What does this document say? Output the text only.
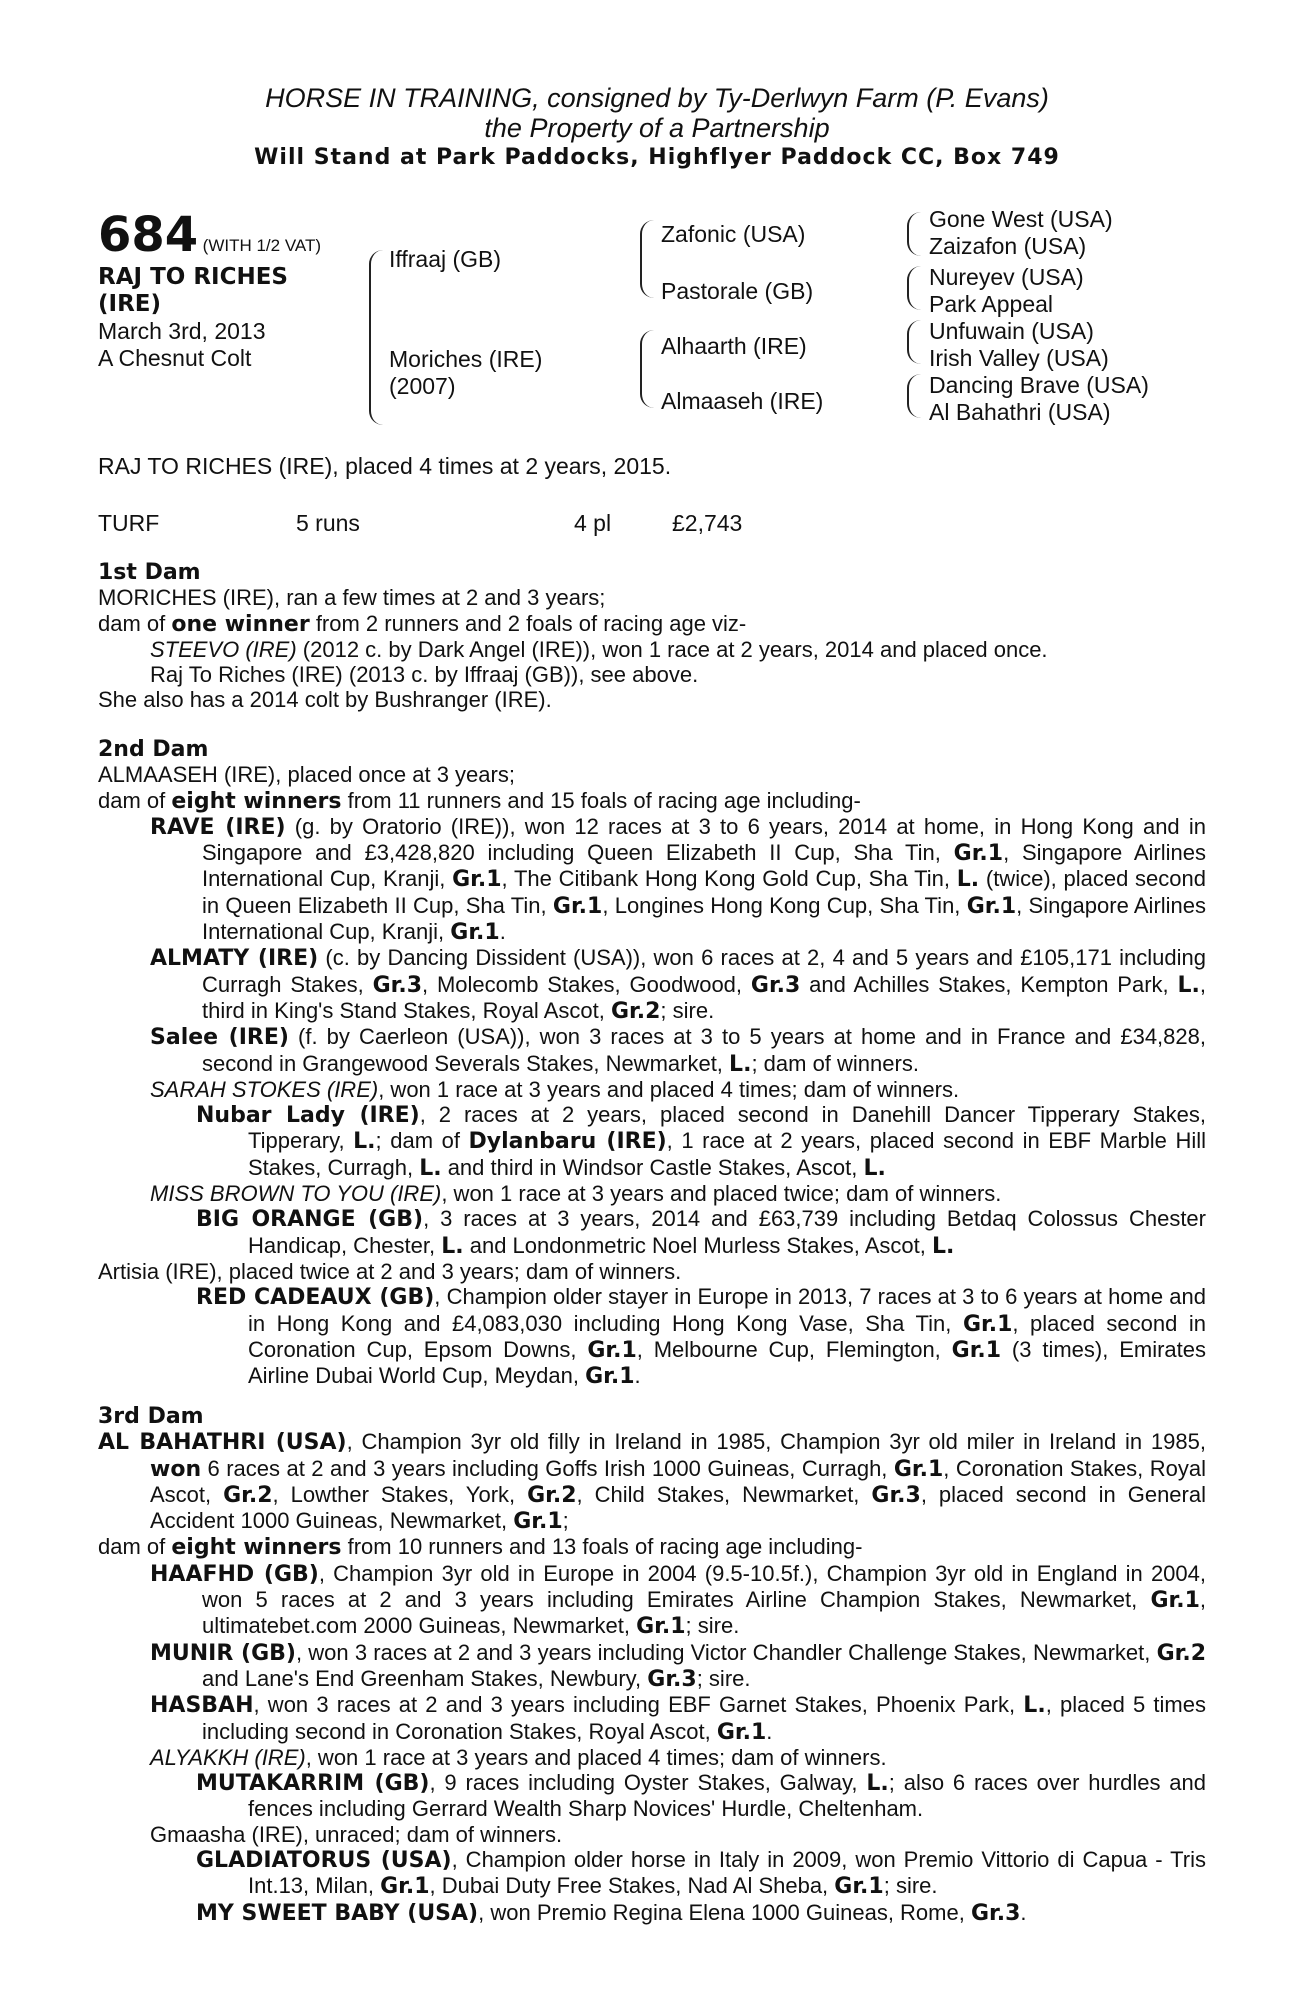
HORSE IN TRAINING, consigned by Ty-Derlwyn Farm (P. Evans)
the Property of a Partnership
Will Stand at Park Paddocks, Highflyer Paddock CC, Box 749
684 (WITH 1/2 VAT)
RAJ TO RICHES
(IRE)
March 3rd, 2013
A Chesnut Colt
Iffraaj (GB)
Moriches (IRE)
(2007)
Zafonic (USA)
Pastorale (GB)
Alhaarth (IRE)
Almaaseh (IRE)
Gone West (USA)
Zaizafon (USA)
Nureyev (USA)
Park Appeal
Unfuwain (USA)
Irish Valley (USA)
Dancing Brave (USA)
Al Bahathri (USA)
RAJ TO RICHES (IRE), placed 4 times at 2 years, 2015.
TURF	5 runs	4 pl	£2,743

1st Dam

MORICHES (IRE), ran a few times at 2 and 3 years;

dam of one winner from 2 runners and 2 foals of racing age viz-

STEEVO (IRE) (2012 c. by Dark Angel (IRE)), won 1 race at 2 years, 2014 and placed once.

Raj To Riches (IRE) (2013 c. by Iffraaj (GB)), see above.

She also has a 2014 colt by Bushranger (IRE).

2nd Dam

ALMAASEH (IRE), placed once at 3 years;

dam of eight winners from 11 runners and 15 foals of racing age including-

RAVE (IRE) (g. by Oratorio (IRE)), won 12 races at 3 to 6 years, 2014 at home, in Hong Kong and in Singapore and £3,428,820 including Queen Elizabeth II Cup, Sha Tin, Gr.1, Singapore Airlines International Cup, Kranji, Gr.1, The Citibank Hong Kong Gold Cup, Sha Tin, L. (twice), placed second in Queen Elizabeth II Cup, Sha Tin, Gr.1, Longines Hong Kong Cup, Sha Tin, Gr.1, Singapore Airlines International Cup, Kranji, Gr.1.

ALMATY (IRE) (c. by Dancing Dissident (USA)), won 6 races at 2, 4 and 5 years and £105,171 including Curragh Stakes, Gr.3, Molecomb Stakes, Goodwood, Gr.3 and Achilles Stakes, Kempton Park, L., third in King's Stand Stakes, Royal Ascot, Gr.2; sire.

Salee (IRE) (f. by Caerleon (USA)), won 3 races at 3 to 5 years at home and in France and £34,828, second in Grangewood Severals Stakes, Newmarket, L.; dam of winners.

SARAH STOKES (IRE), won 1 race at 3 years and placed 4 times; dam of winners.

Nubar Lady (IRE), 2 races at 2 years, placed second in Danehill Dancer Tipperary Stakes, Tipperary, L.; dam of Dylanbaru (IRE), 1 race at 2 years, placed second in EBF Marble Hill Stakes, Curragh, L. and third in Windsor Castle Stakes, Ascot, L.

MISS BROWN TO YOU (IRE), won 1 race at 3 years and placed twice; dam of winners.

BIG ORANGE (GB), 3 races at 3 years, 2014 and £63,739 including Betdaq Colossus Chester Handicap, Chester, L. and Londonmetric Noel Murless Stakes, Ascot, L.

Artisia (IRE), placed twice at 2 and 3 years; dam of winners.

RED CADEAUX (GB), Champion older stayer in Europe in 2013, 7 races at 3 to 6 years at home and in Hong Kong and £4,083,030 including Hong Kong Vase, Sha Tin, Gr.1, placed second in Coronation Cup, Epsom Downs, Gr.1, Melbourne Cup, Flemington, Gr.1 (3 times), Emirates Airline Dubai World Cup, Meydan, Gr.1.

3rd Dam

AL BAHATHRI (USA), Champion 3yr old filly in Ireland in 1985, Champion 3yr old miler in Ireland in 1985, won 6 races at 2 and 3 years including Goffs Irish 1000 Guineas, Curragh, Gr.1, Coronation Stakes, Royal Ascot, Gr.2, Lowther Stakes, York, Gr.2, Child Stakes, Newmarket, Gr.3, placed second in General Accident 1000 Guineas, Newmarket, Gr.1;

dam of eight winners from 10 runners and 13 foals of racing age including-

HAAFHD (GB), Champion 3yr old in Europe in 2004 (9.5-10.5f.), Champion 3yr old in England in 2004, won 5 races at 2 and 3 years including Emirates Airline Champion Stakes, Newmarket, Gr.1, ultimatebet.com 2000 Guineas, Newmarket, Gr.1; sire.

MUNIR (GB), won 3 races at 2 and 3 years including Victor Chandler Challenge Stakes, Newmarket, Gr.2 and Lane's End Greenham Stakes, Newbury, Gr.3; sire.

HASBAH, won 3 races at 2 and 3 years including EBF Garnet Stakes, Phoenix Park, L., placed 5 times including second in Coronation Stakes, Royal Ascot, Gr.1.

ALYAKKH (IRE), won 1 race at 3 years and placed 4 times; dam of winners.

MUTAKARRIM (GB), 9 races including Oyster Stakes, Galway, L.; also 6 races over hurdles and fences including Gerrard Wealth Sharp Novices' Hurdle, Cheltenham.

Gmaasha (IRE), unraced; dam of winners.

GLADIATORUS (USA), Champion older horse in Italy in 2009, won Premio Vittorio di Capua - Tris Int.13, Milan, Gr.1, Dubai Duty Free Stakes, Nad Al Sheba, Gr.1; sire.

MY SWEET BABY (USA), won Premio Regina Elena 1000 Guineas, Rome, Gr.3.
